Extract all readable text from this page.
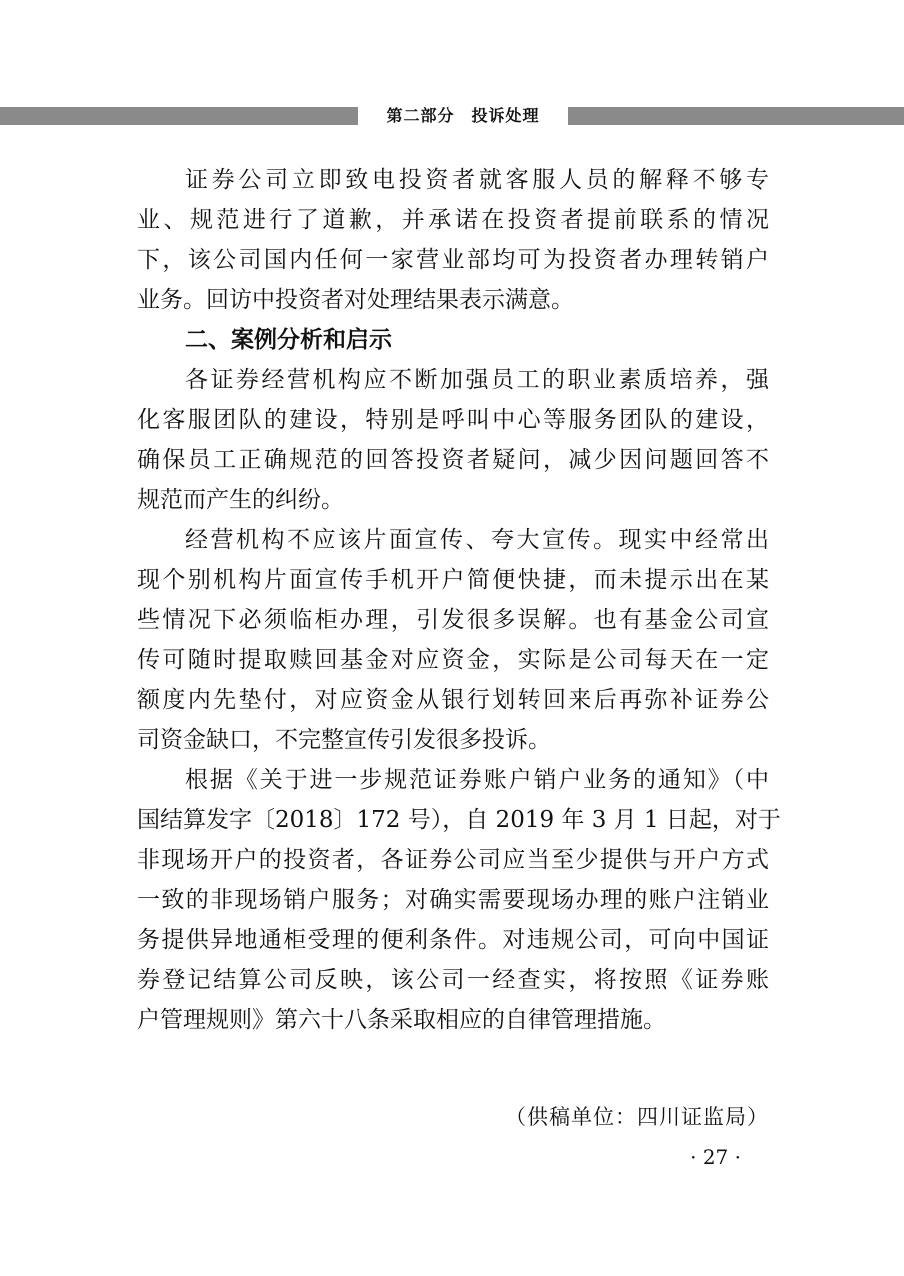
第二部分　投诉处理
证券公司立即致电投资者就客服人员的解释不够专
业、规范进行了道歉，并承诺在投资者提前联系的情况
下，该公司国内任何一家营业部均可为投资者办理转销户
业务。回访中投资者对处理结果表示满意。
二、案例分析和启示
各证券经营机构应不断加强员工的职业素质培养，强
化客服团队的建设，特别是呼叫中心等服务团队的建设，
确保员工正确规范的回答投资者疑问，减少因问题回答不
规范而产生的纠纷。
经营机构不应该片面宣传、夸大宣传。现实中经常出
现个别机构片面宣传手机开户简便快捷，而未提示出在某
些情况下必须临柜办理，引发很多误解。也有基金公司宣
传可随时提取赎回基金对应资金，实际是公司每天在一定
额度内先垫付，对应资金从银行划转回来后再弥补证券公
司资金缺口，不完整宣传引发很多投诉。
根据《关于进一步规范证券账户销户业务的通知》（中
国结算发字〔2018〕172 号），自 2019 年 3 月 1 日起，对于
非现场开户的投资者，各证券公司应当至少提供与开户方式
一致的非现场销户服务；对确实需要现场办理的账户注销业
务提供异地通柜受理的便利条件。对违规公司，可向中国证
券登记结算公司反映，该公司一经查实，将按照《证券账
户管理规则》第六十八条采取相应的自律管理措施。
（供稿单位：四川证监局）
· 27 ·
